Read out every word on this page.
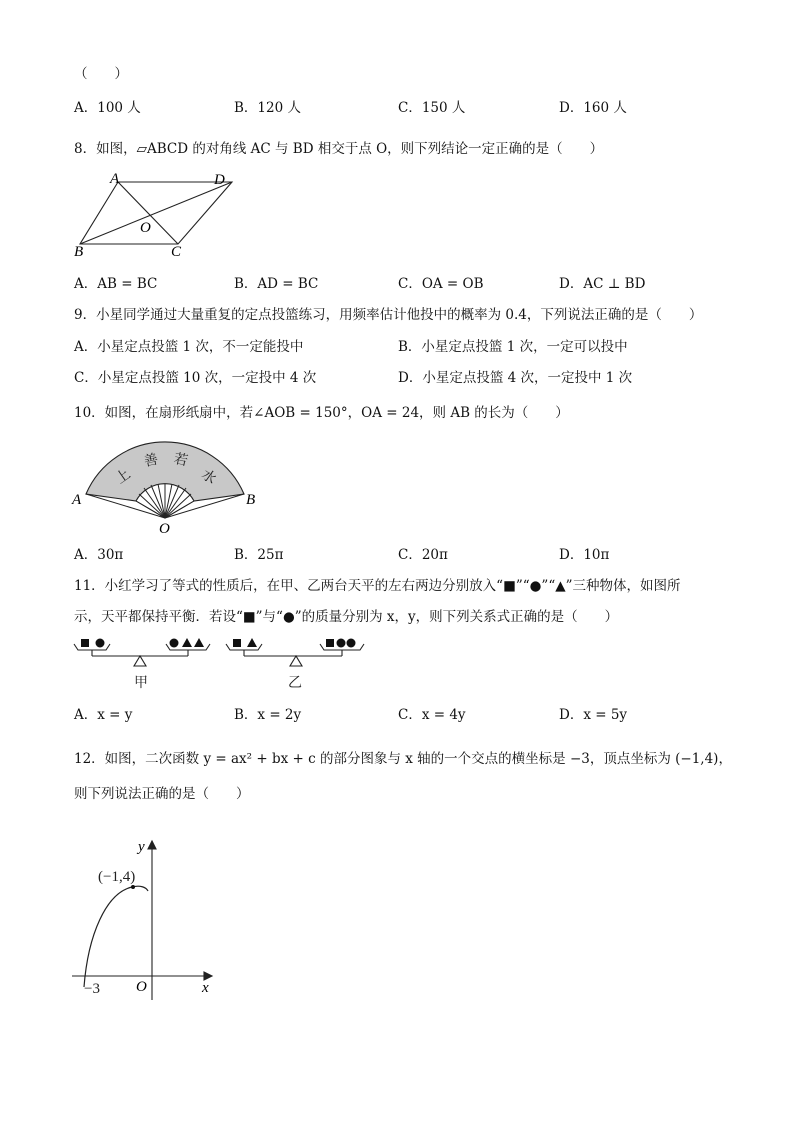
（　　）
A．100 人	B．120 人	C．150 人	D．160 人
8．如图，▱ABCD 的对角线 AC 与 BD 相交于点 O，则下列结论一定正确的是（　　）
A	D
B	C
O
A．AB = BC	B．AD = BC	C．OA = OB	D．AC ⊥ BD
9．小星同学通过大量重复的定点投篮练习，用频率估计他投中的概率为 0.4，下列说法正确的是（　　）
A．小星定点投篮 1 次，不一定能投中	B．小星定点投篮 1 次，一定可以投中
C．小星定点投篮 10 次，一定投中 4 次	D．小星定点投篮 4 次，一定投中 1 次
10．如图，在扇形纸扇中，若∠AOB = 150°，OA = 24，则 AB 的长为（　　）
上
善 若
水
A	B
O
A．30π	B．25π	C．20π	D．10π
11．小红学习了等式的性质后，在甲、乙两台天平的左右两边分别放入“■”“●”“▲”三种物体，如图所
示，天平都保持平衡．若设“■”与“●”的质量分别为 x，y，则下列关系式正确的是（　　）
甲	乙
A．x = y	B．x = 2y	C．x = 4y	D．x = 5y
12．如图，二次函数 y = ax² + bx + c 的部分图象与 x 轴的一个交点的横坐标是 −3，顶点坐标为 (−1,4)，
则下列说法正确的是（　　）
y
x
O
−3
(−1,4)
